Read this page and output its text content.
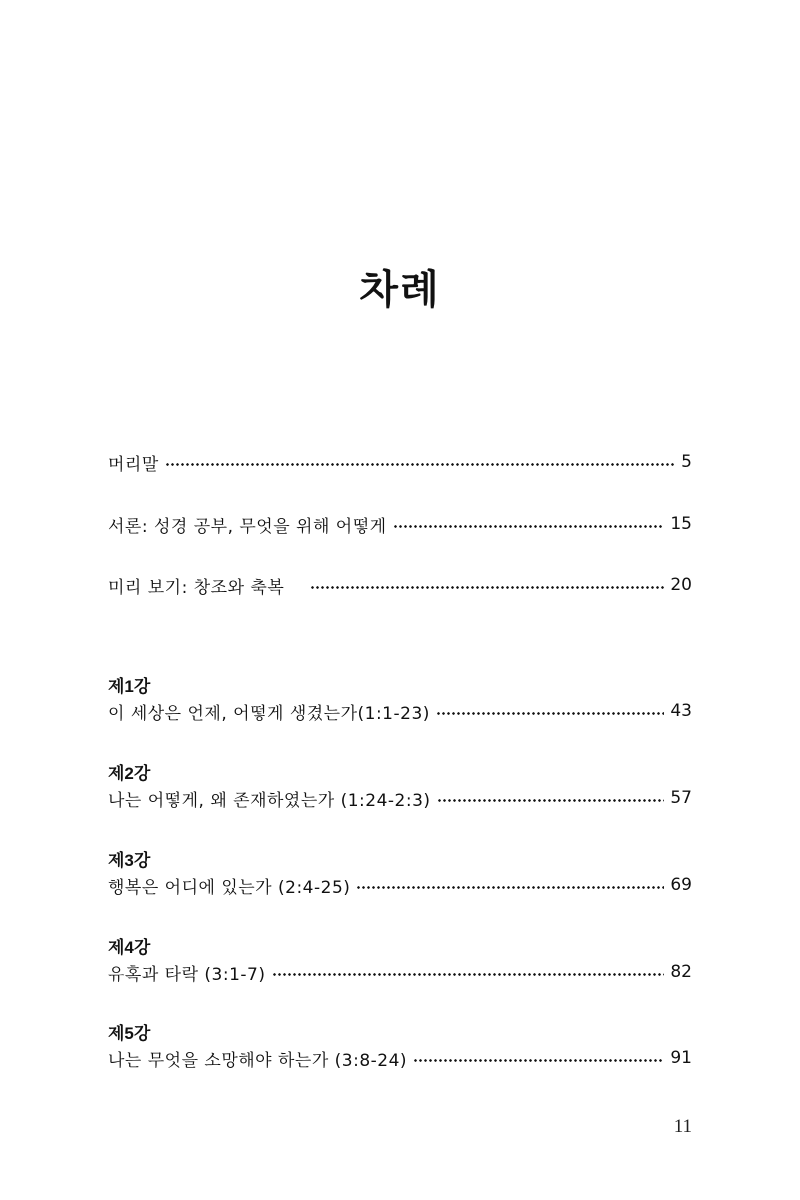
차례
머리말	5
서론: 성경 공부, 무엇을 위해 어떻게	15
미리 보기: 창조와 축복	20
제1강
이 세상은 언제, 어떻게 생겼는가(1:1-23)	43
제2강
나는 어떻게, 왜 존재하였는가 (1:24-2:3)	57
제3강
행복은 어디에 있는가 (2:4-25)	69
제4강
유혹과 타락 (3:1-7)	82
제5강
나는 무엇을 소망해야 하는가 (3:8-24)	91
11
